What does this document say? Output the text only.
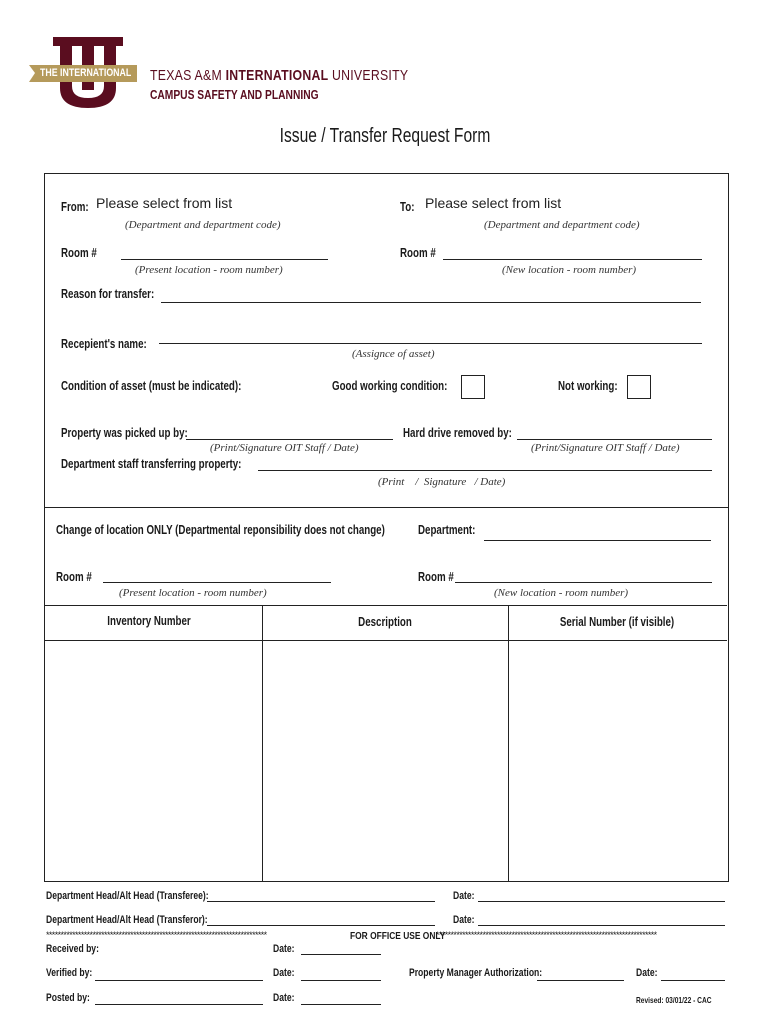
THE INTERNATIONAL TEXAS A&M INTERNATIONAL UNIVERSITY
CAMPUS SAFETY AND PLANNING
Issue / Transfer Request Form
From: Please select from list
(Department and department code)
To: Please select from list
(Department and department code)
Room #
(Present location - room number)
Room #
(New location - room number)
Reason for transfer:
Recepient's name:
(Assignce of asset)
Condition of asset (must be indicated):	Good working condition:	Not working:
Property was picked up by:
(Print/Signature OIT Staff / Date)
Hard drive removed by:
(Print/Signature OIT Staff / Date)
Department staff transferring property:
(Print    /  Signature   / Date)
Change of location ONLY (Departmental reponsibility does not change)	Department:
Room #
(Present location - room number)
Room #
(New location - room number)
Inventory Number	Description	Serial Number (if visible)
Department Head/Alt Head (Transferee):	Date:
Department Head/Alt Head (Transferor):	Date:
****************************************************************************	FOR OFFICE USE ONLY****************************************************************************
Received by:	Date:
Verified by:	Date:	Property Manager Authorization:	Date:
Posted by:	Date:	Revised: 03/01/22 - CAC
